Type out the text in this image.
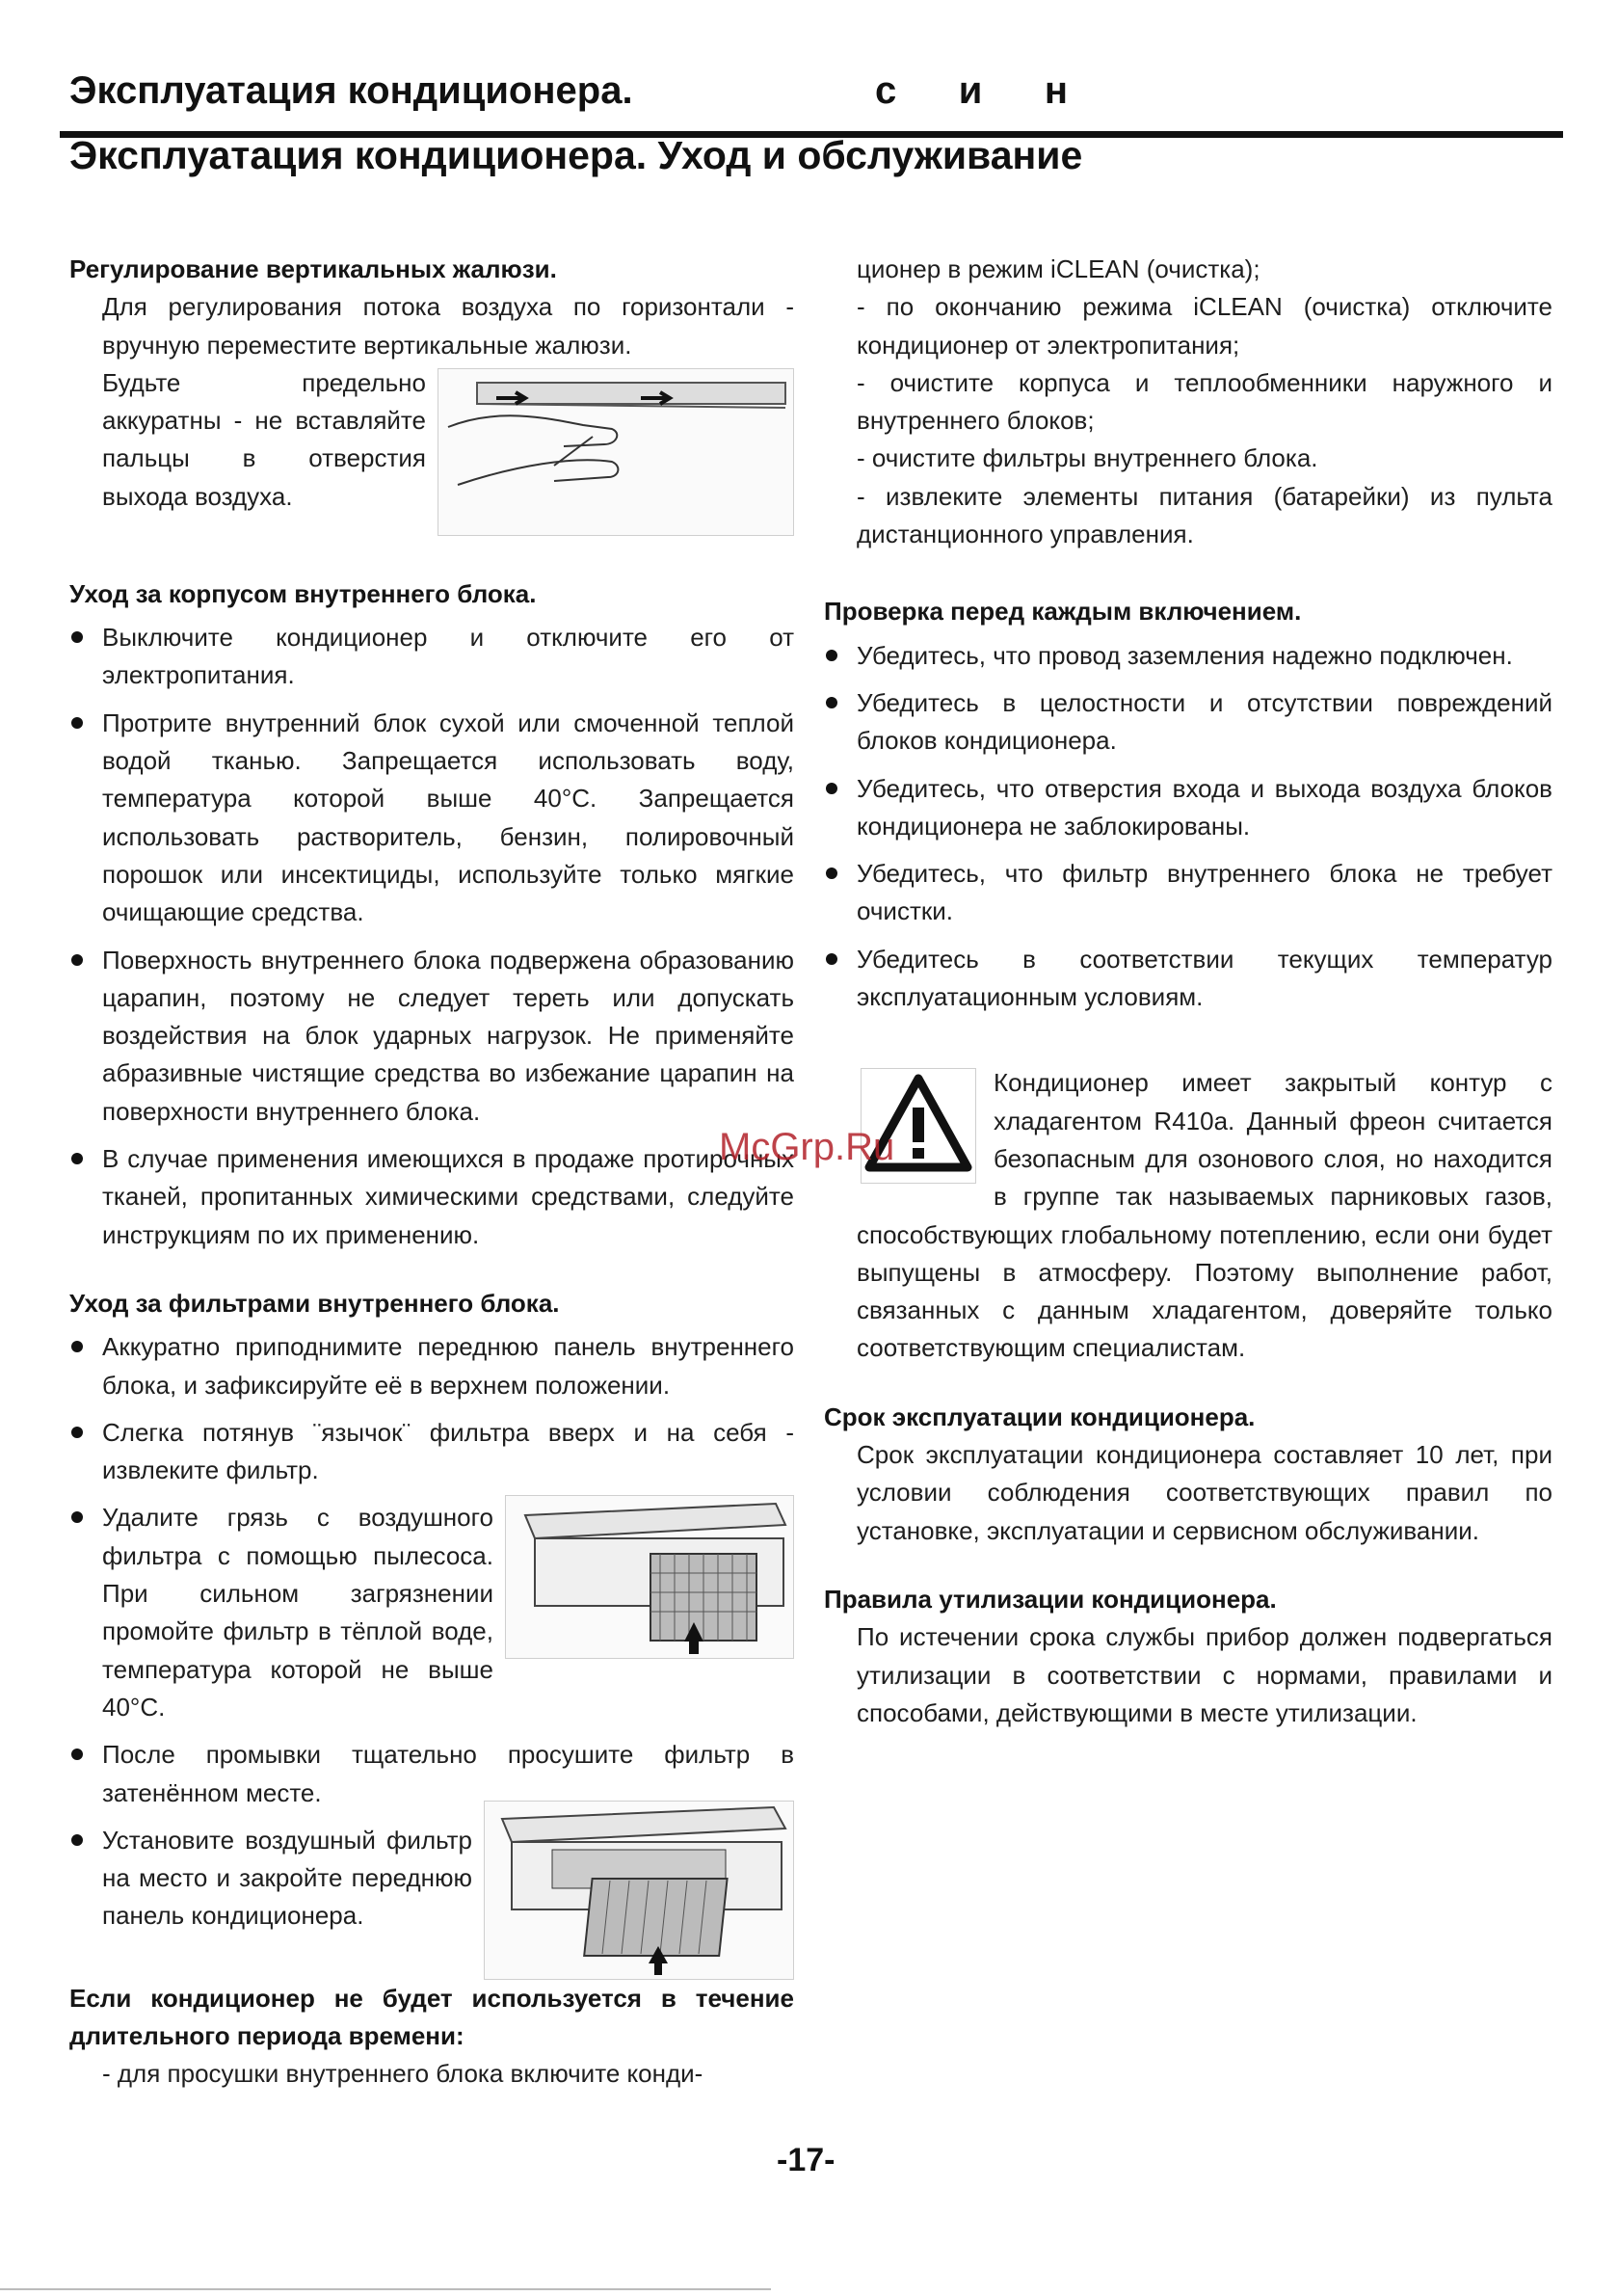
Эксплуатация кондиционера.	с и н
Эксплуатация кондиционера. Уход и обслуживание

Регулирование вертикальных жалюзи.

Для регулирования потока воздуха по горизонтали - вручную переместите вертикальные жалюзи.

Будьте предельно аккуратны - не вставляйте пальцы в отверстия выхода воздуха.

Уход за корпусом внутреннего блока.

Выключите кондиционер и отключите его от электропитания.
Протрите внутренний блок сухой или смоченной теплой водой тканью. Запрещается использовать воду, температура которой выше 40°C. Запрещается использовать растворитель, бензин, полировочный порошок или инсектициды, используйте только мягкие очищающие средства.
Поверхность внутреннего блока подвержена образованию царапин, поэтому не следует тереть или допускать воздействия на блок ударных нагрузок. Не применяйте абразивные чистящие средства во избежание царапин на поверхности внутреннего блока.
В случае применения имеющихся в продаже протирочных тканей, пропитанных химическими средствами, следуйте инструкциям по их применению.

Уход за фильтрами внутреннего блока.

Аккуратно приподнимите переднюю панель внутреннего блока, и зафиксируйте её в верхнем положении.
Слегка потянув ¨язычок¨ фильтра вверх и на себя - извлеките фильтр.
Удалите грязь с воздушного фильтра с помощью пылесоса. При сильном загрязнении промойте фильтр в тёплой воде, температура которой не выше 40°C.
После промывки тщательно просушите фильтр в затенённом месте.
Установите воздушный фильтр на место и закройте переднюю панель кондиционера.

Если кондиционер не будет используется в течение длительного периода времени:

- для просушки внутреннего блока включите конди-

ционер в режим iCLEAN (очистка);

- по окончанию режима iCLEAN (очистка) отключите кондиционер от электропитания;

- очистите корпуса и теплообменники наружного и внутреннего блоков;

- очистите фильтры внутреннего блока.

- извлеките элементы питания (батарейки) из пульта дистанционного управления.

Проверка перед каждым включением.

Убедитесь, что провод заземления надежно подключен.
Убедитесь в целостности и отсутствии повреждений блоков кондиционера.
Убедитесь, что отверстия входа и выхода воздуха блоков кондиционера не заблокированы.
Убедитесь, что фильтр внутреннего блока не требует очистки.
Убедитесь в соответствии текущих температур эксплуатационным условиям.

Кондиционер имеет закрытый контур с хладагентом R410a. Данный фреон считается безопасным для озонового слоя, но находится в группе так называемых парниковых газов, способствующих глобальному потеплению, если они будет выпущены в атмосферу. Поэтому выполнение работ, связанных с данным хладагентом, доверяйте только соответствующим специалистам.

Срок эксплуатации кондиционера.

Срок эксплуатации кондиционера составляет 10 лет, при условии соблюдения соответствующих правил по установке, эксплуатации и сервисном обслуживании.

Правила утилизации кондиционера.

По истечении срока службы прибор должен подвергаться утилизации в соответствии с нормами, правилами и способами, действующими в месте утилизации.

McGrp.Ru
-17-
